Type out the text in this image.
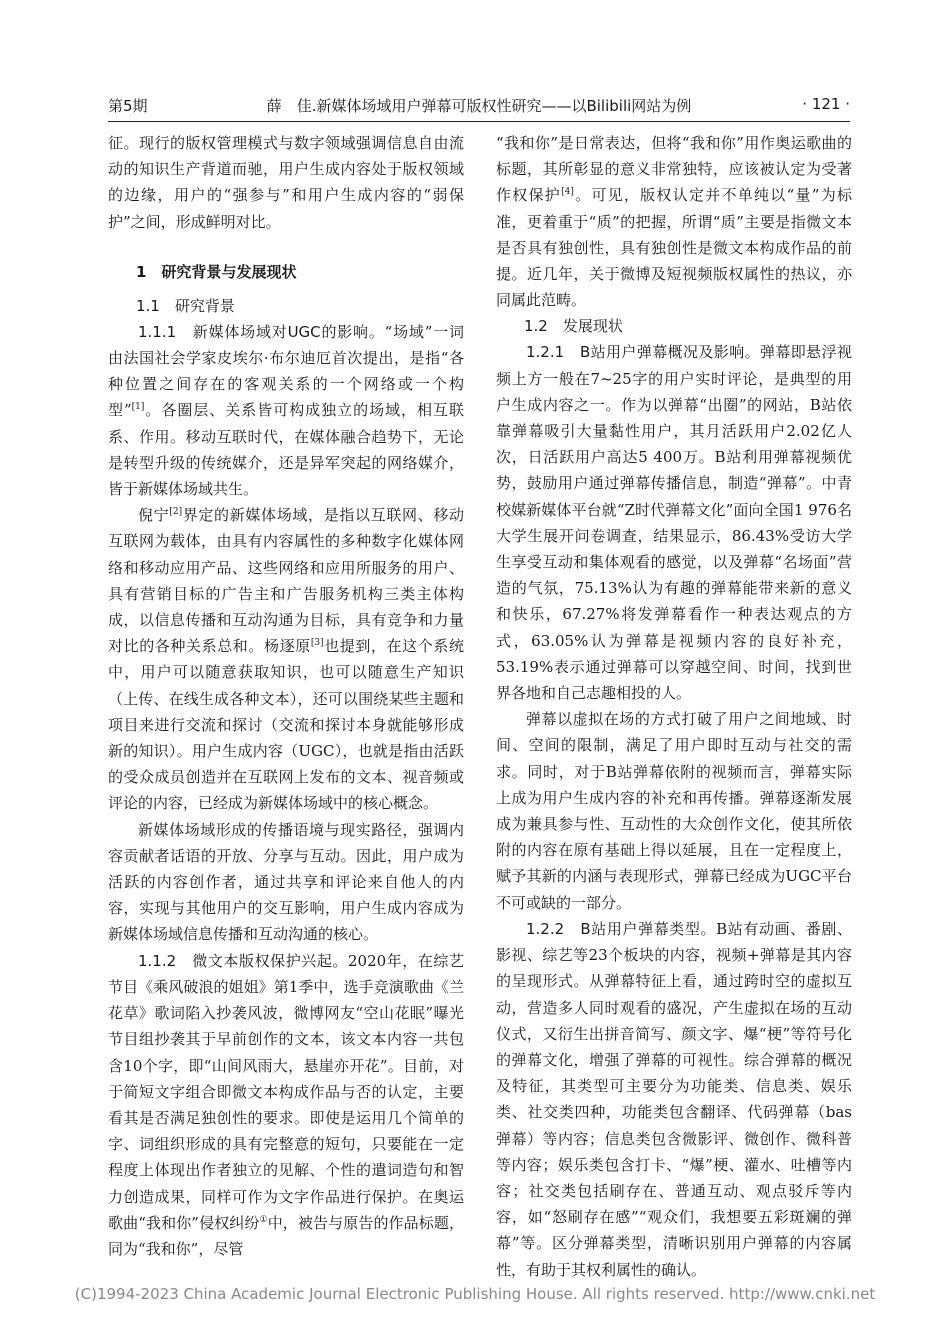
第5期	薛　佳.新媒体场域用户弹幕可版权性研究——以Bilibili网站为例	· 121 ·

征。现行的版权管理模式与数字领域强调信息自由流动的知识生产背道而驰，用户生成内容处于版权领域的边缘，用户的“强参与”和用户生成内容的“弱保护”之间，形成鲜明对比。

1　研究背景与发展现状
1.1　研究背景

1.1.1　新媒体场域对UGC的影响。“场域”一词由法国社会学家皮埃尔·布尔迪厄首次提出，是指“各种位置之间存在的客观关系的一个网络或一个构型”[1]。各圈层、关系皆可构成独立的场域，相互联系、作用。移动互联时代，在媒体融合趋势下，无论是转型升级的传统媒介，还是异军突起的网络媒介，皆于新媒体场域共生。

倪宁[2]界定的新媒体场域，是指以互联网、移动互联网为载体，由具有内容属性的多种数字化媒体网络和移动应用产品、这些网络和应用所服务的用户、具有营销目标的广告主和广告服务机构三类主体构成，以信息传播和互动沟通为目标，具有竞争和力量对比的各种关系总和。杨逐原[3]也提到，在这个系统中，用户可以随意获取知识，也可以随意生产知识（上传、在线生成各种文本），还可以围绕某些主题和项目来进行交流和探讨（交流和探讨本身就能够形成新的知识）。用户生成内容（UGC），也就是指由活跃的受众成员创造并在互联网上发布的文本、视音频或评论的内容，已经成为新媒体场域中的核心概念。

新媒体场域形成的传播语境与现实路径，强调内容贡献者话语的开放、分享与互动。因此，用户成为活跃的内容创作者，通过共享和评论来自他人的内容，实现与其他用户的交互影响，用户生成内容成为新媒体场域信息传播和互动沟通的核心。

1.1.2　微文本版权保护兴起。2020年，在综艺节目《乘风破浪的姐姐》第1季中，选手竞演歌曲《兰花草》歌词陷入抄袭风波，微博网友“空山花眠”曝光节目组抄袭其于早前创作的文本，该文本内容一共包含10个字，即“山间风雨大，悬崖亦开花”。目前，对于简短文字组合即微文本构成作品与否的认定，主要看其是否满足独创性的要求。即使是运用几个简单的字、词组织形成的具有完整意的短句，只要能在一定程度上体现出作者独立的见解、个性的遣词造句和智力创造成果，同样可作为文字作品进行保护。在奥运歌曲“我和你”侵权纠纷①中，被告与原告的作品标题，同为“我和你”，尽管

“我和你”是日常表达，但将“我和你”用作奥运歌曲的标题，其所彰显的意义非常独特，应该被认定为受著作权保护[4]。可见，版权认定并不单纯以“量”为标准，更着重于“质”的把握，所谓“质”主要是指微文本是否具有独创性，具有独创性是微文本构成作品的前提。近几年，关于微博及短视频版权属性的热议，亦同属此范畴。

1.2　发展现状

1.2.1　B站用户弹幕概况及影响。弹幕即悬浮视频上方一般在7~25字的用户实时评论，是典型的用户生成内容之一。作为以弹幕“出圈”的网站，B站依靠弹幕吸引大量黏性用户，其月活跃用户2.02亿人次，日活跃用户高达5 400万。B站利用弹幕视频优势，鼓励用户通过弹幕传播信息，制造“弹幕”。中青校媒新媒体平台就“Z时代弹幕文化”面向全国1 976名大学生展开问卷调查，结果显示，86.43%受访大学生享受互动和集体观看的感觉，以及弹幕“名场面”营造的气氛，75.13%认为有趣的弹幕能带来新的意义和快乐，67.27%将发弹幕看作一种表达观点的方式，63.05%认为弹幕是视频内容的良好补充，53.19%表示通过弹幕可以穿越空间、时间，找到世界各地和自己志趣相投的人。

弹幕以虚拟在场的方式打破了用户之间地域、时间、空间的限制，满足了用户即时互动与社交的需求。同时，对于B站弹幕依附的视频而言，弹幕实际上成为用户生成内容的补充和再传播。弹幕逐渐发展成为兼具参与性、互动性的大众创作文化，使其所依附的内容在原有基础上得以延展，且在一定程度上，赋予其新的内涵与表现形式，弹幕已经成为UGC平台不可或缺的一部分。

1.2.2　B站用户弹幕类型。B站有动画、番剧、影视、综艺等23个板块的内容，视频+弹幕是其内容的呈现形式。从弹幕特征上看，通过跨时空的虚拟互动，营造多人同时观看的盛况，产生虚拟在场的互动仪式，又衍生出拼音简写、颜文字、爆“梗”等符号化的弹幕文化，增强了弹幕的可视性。综合弹幕的概况及特征，其类型可主要分为功能类、信息类、娱乐类、社交类四种，功能类包含翻译、代码弹幕（bas弹幕）等内容；信息类包含微影评、微创作、微科普等内容；娱乐类包含打卡、“爆”梗、灌水、吐槽等内容；社交类包括刷存在、普通互动、观点驳斥等内容，如“怒刷存在感”“观众们，我想要五彩斑斓的弹幕”等。区分弹幕类型，清晰识别用户弹幕的内容属性，有助于其权利属性的确认。

(C)1994-2023 China Academic Journal Electronic Publishing House. All rights reserved. http://www.cnki.net
